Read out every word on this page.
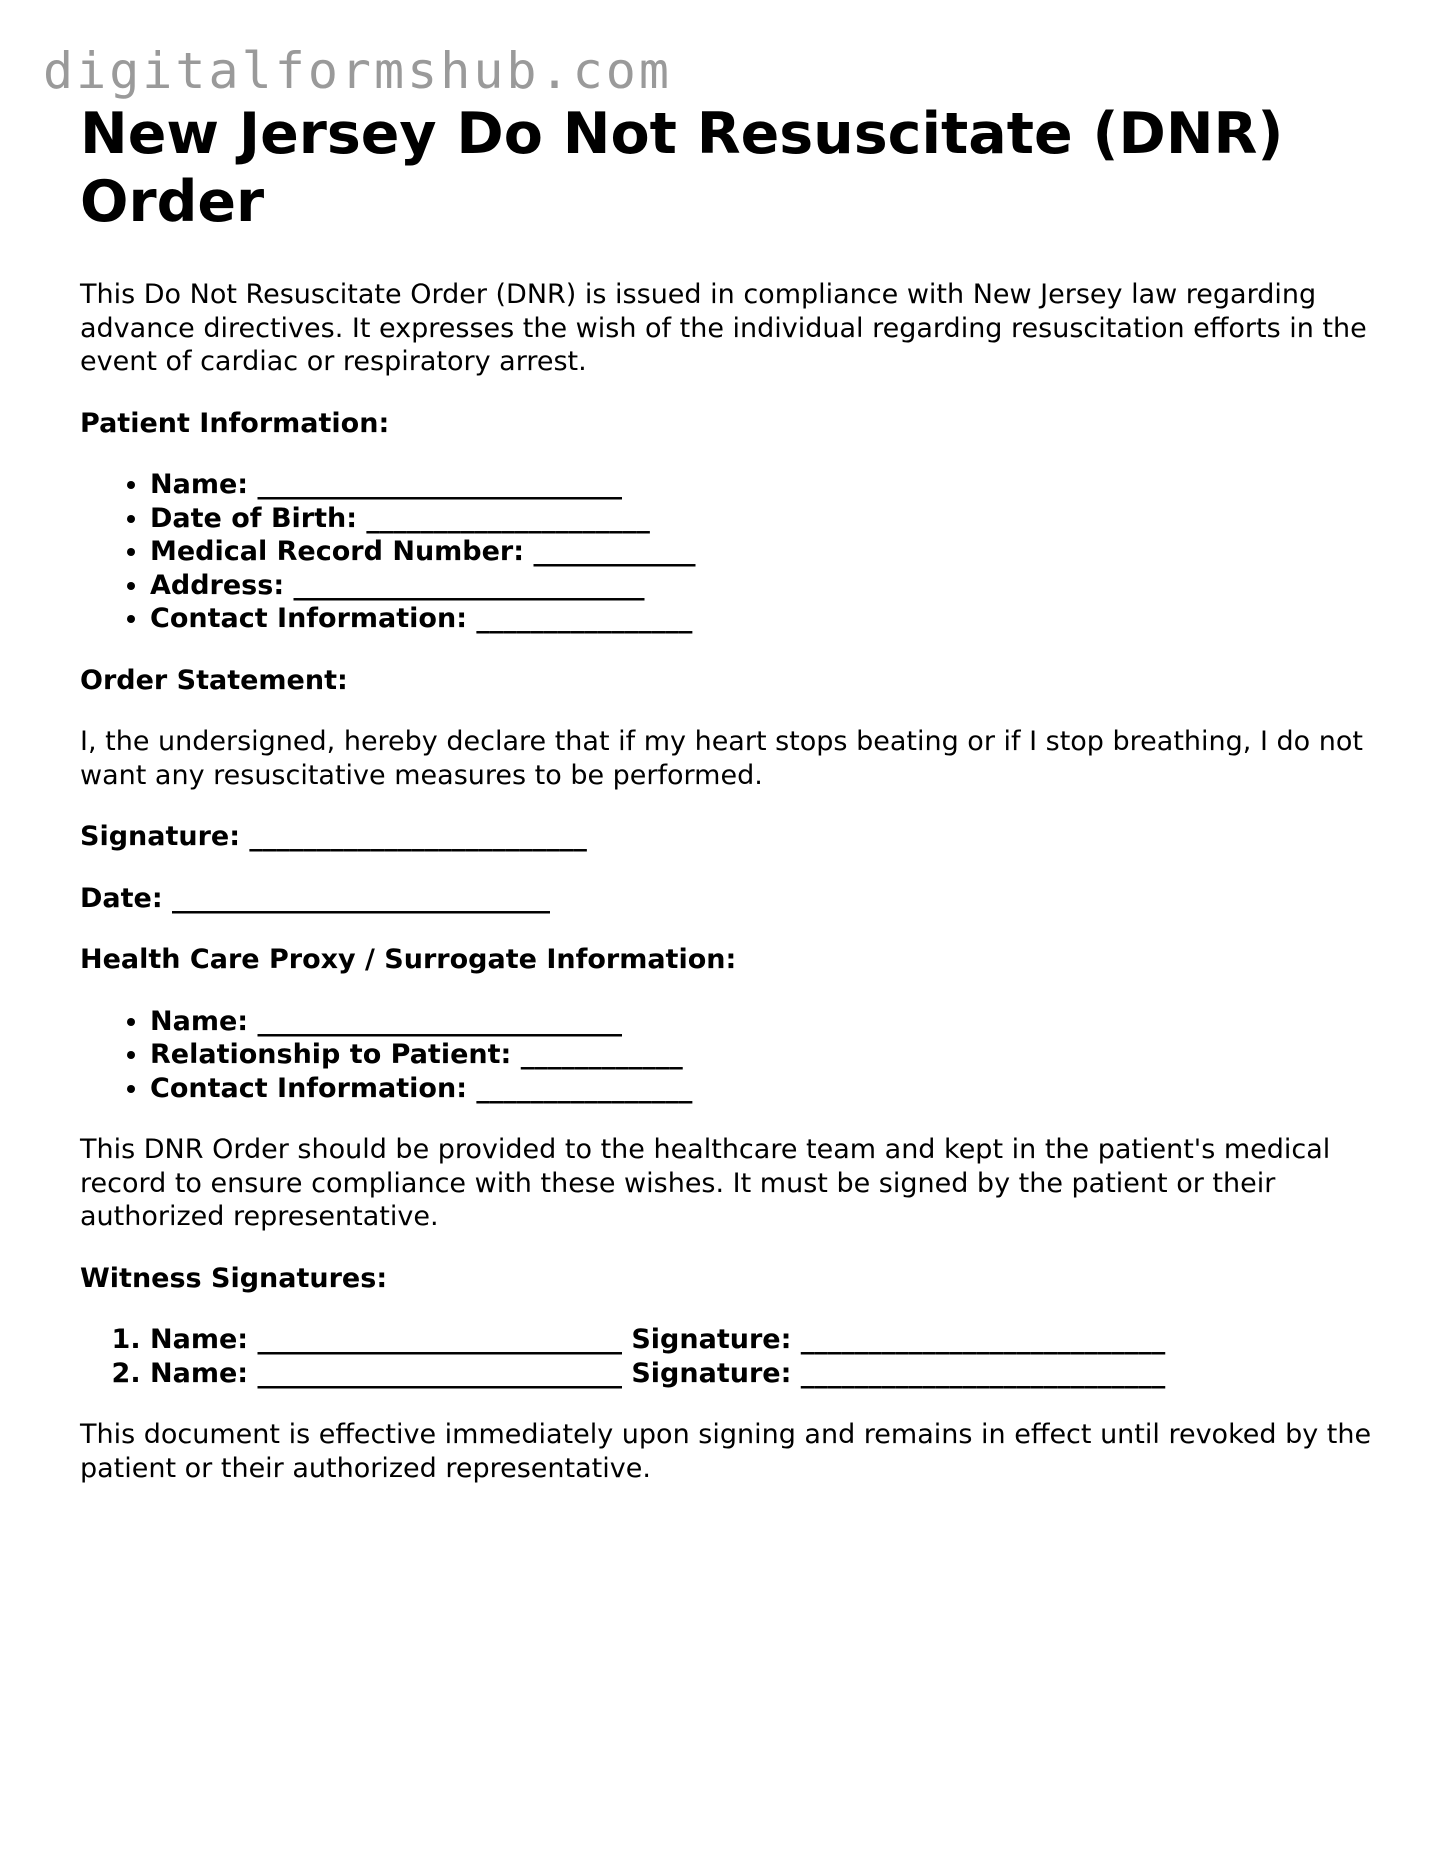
digitalformshub.com
New Jersey Do Not Resuscitate (DNR) Order

This Do Not Resuscitate Order (DNR) is issued in compliance with New Jersey law regarding advance directives. It expresses the wish of the individual regarding resuscitation efforts in the event of cardiac or respiratory arrest.

Patient Information:
• Name: ___________________________
• Date of Birth: _____________________
• Medical Record Number: ____________
• Address: __________________________
• Contact Information: ________________
Order Statement:

I, the undersigned, hereby declare that if my heart stops beating or if I stop breathing, I do not want any resuscitative measures to be performed.

Signature: _________________________
Date: ____________________________
Health Care Proxy / Surrogate Information:
• Name: ___________________________
• Relationship to Patient: ____________
• Contact Information: ________________

This DNR Order should be provided to the healthcare team and kept in the patient's medical record to ensure compliance with these wishes. It must be signed by the patient or their authorized representative.

Witness Signatures:
1. Name: ___________________________ Signature: ___________________________
2. Name: ___________________________ Signature: ___________________________

This document is effective immediately upon signing and remains in effect until revoked by the patient or their authorized representative.
